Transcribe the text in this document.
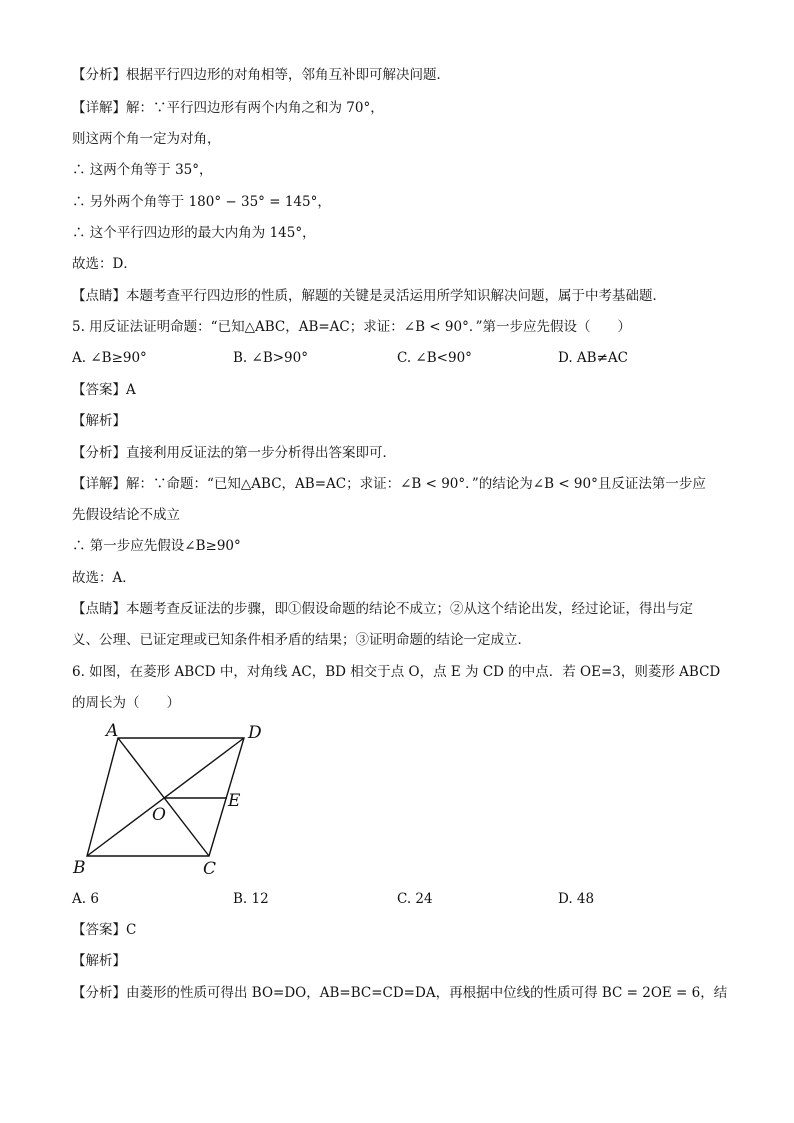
【分析】根据平行四边形的对角相等，邻角互补即可解决问题．
【详解】解：∵平行四边形有两个内角之和为 70°，
则这两个角一定为对角，
∴ 这两个角等于 35°，
∴ 另外两个角等于 180° − 35° = 145°，
∴ 这个平行四边形的最大内角为 145°，
故选：D．
【点睛】本题考查平行四边形的性质，解题的关键是灵活运用所学知识解决问题，属于中考基础题．
5. 用反证法证明命题：“已知△ABC，AB=AC；求证：∠B < 90°．”第一步应先假设（　　）
A. ∠B≥90°	B. ∠B>90°	C. ∠B<90°	D. AB≠AC
【答案】A
【解析】
【分析】直接利用反证法的第一步分析得出答案即可．
【详解】解：∵命题：“已知△ABC，AB=AC；求证：∠B < 90°．”的结论为∠B < 90°且反证法第一步应
先假设结论不成立
∴ 第一步应先假设∠B≥90°
故选：A．
【点睛】本题考查反证法的步骤，即①假设命题的结论不成立；②从这个结论出发，经过论证，得出与定
义、公理、已证定理或已知条件相矛盾的结果；③证明命题的结论一定成立．
6. 如图，在菱形 ABCD 中，对角线 AC，BD 相交于点 O，点 E 为 CD 的中点．若 OE=3，则菱形 ABCD
的周长为（　　）
A	D
E
O
B	C
A. 6	B. 12	C. 24	D. 48
【答案】C
【解析】
【分析】由菱形的性质可得出 BO=DO，AB=BC=CD=DA，再根据中位线的性质可得 BC = 2OE = 6，结
